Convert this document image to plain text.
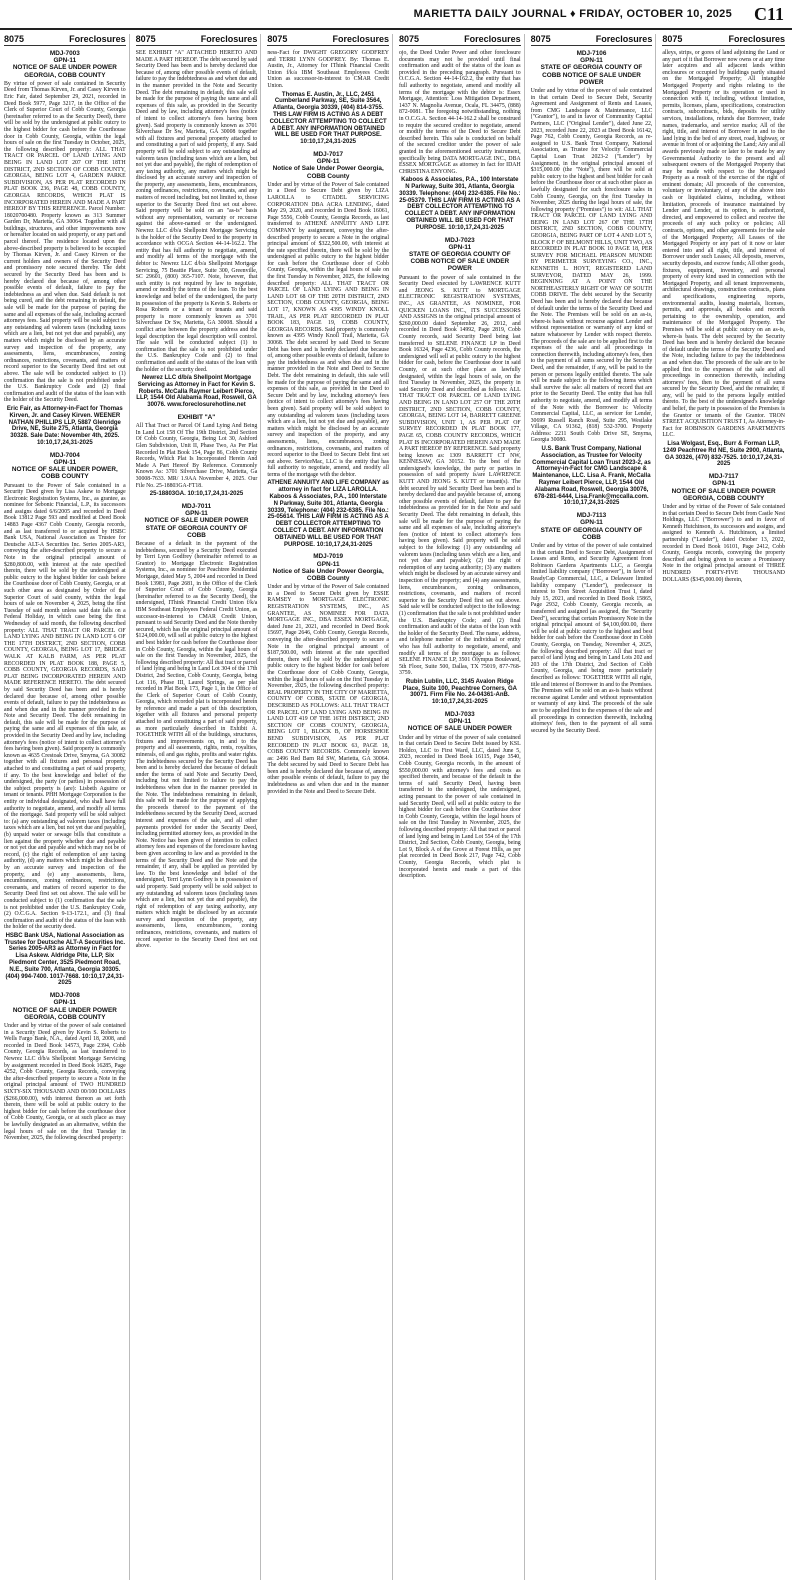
MARIETTA DAILY JOURNAL ♦ FRIDAY, OCTOBER 10, 2025 C11
8075	Foreclosures
MDJ-7003
GPN-11
NOTICE OF SALE UNDER POWER GEORGIA, COBB COUNTY
By virtue of power of sale contained in Security Deed from Thomas Kirven, Jr. and Casey Kirven to Eric Fair, dated September 29, 2021, recorded in Deed Book 5977, Page 3217, in the Office of the Clerk of Superior Court of Cobb County, Georgia (hereinafter referred to as the Security Deed), there will be sold by the undersigned at public outcry to the highest bidder for cash before the Courthouse door in Cobb County, Georgia, within the legal hours of sale on the first Tuesday in October, 2025, the following described property: ALL THAT TRACT OR PARCEL OF LAND LYING AND BEING IN LAND LOT 207 OF THE 18TH DISTRICT, 2ND SECTION OF COBB COUNTY, GEORGIA, BEING LOT 4, GARDEN PARKE SUBDIVISION, AS PER PLAT RECORDED IN PLAT BOOK 236, PAGE 48, COBB COUNTY, GEORGIA RECORDS, WHICH PLAT IS INCORPORATED HEREIN AND MADE A PART HEREOF BY THIS REFERENCE. Parcel Number: 18020700480. Property known as 313 Summer Garden Dr, Marietta, GA 30064. Together with all buildings, structures, and other improvements now or hereafter located on said property, or any part and parcel thereof. The residence located upon the above-described property is believed to be occupied by Thomas Kirven, Jr. and Casey Kirven or the current holders and owners of the Security Deed and promissory note secured thereby. The debt secured by the Security Deed has been and is hereby declared due because of, among other possible events of default, failure to pay the indebtedness as and when due. Said default is not being cured, and the debt remaining in default, the sale will be made for the purpose of paying the same and all expenses of the sale, including accrued attorneys fees. Said property will be sold subject to any outstanding ad valorem taxes (including taxes which are a lien, but not yet due and payable), any matters which might be disclosed by an accurate survey and inspection of the property, any assessments, liens, encumbrances, zoning ordinances, restrictions, covenants, and matters of record superior to the Security Deed first set out above. The sale will be conducted subject to (1) confirmation that the sale is not prohibited under the U.S. Bankruptcy Code and (2) final confirmation and audit of the status of the loan with the holder of the Security Deed.
Eric Fair, as Attorney-in-Fact for Thomas Kirven, Jr. and Casey Kirven. WEENER NATHAN PHILLIPS LLP, 5887 Glenridge Drive, NE, Suite 275, Atlanta, Georgia 30328. Sale Date: November 4th, 2025. 10:10,17,24,31-2025
MDJ-7004
GPN-11
NOTICE OF SALE UNDER POWER, COBB COUNTY
Pursuant to the Power of Sale contained in a Security Deed given by Lisa Askew to Mortgage Electronic Registration Systems, Inc., as grantee, as nominee for Sebonic Financial, L.P., its successors and assigns dated 6/6/2005 and recorded in Deed Book 13812 Page 593 and modified at Deed Book 14883 Page 4367 Cobb County, Georgia records, and as last transferred to or acquired by HSBC Bank USA, National Association as Trustee for Deutsche ALT-A Securities Inc. Series 2005-AR3, conveying the after-described property to secure a Note in the original principal amount of $280,800.00, with interest at the rate specified therein, there will be sold by the undersigned at public outcry to the highest bidder for cash before the Courthouse door of Cobb County, Georgia, or at such other area as designated by Order of the Superior Court of said county, within the legal hours of sale on November 4, 2025, being the first Tuesday of said month unless said date falls on a Federal Holiday, in which case being the first Wednesday of said month, the following described property: ALL THAT TRACT OR PARCEL OF LAND LYING AND BEING IN LAND LOT 6 OF THE 17TH DISTRICT, 2ND SECTION, COBB COUNTY, GEORGIA, BEING LOT 17, BRIDGE WALK AT KALB FARM, AS PER PLAT RECORDED IN PLAT BOOK 188, PAGE 5, COBB COUNTY, GEORGIA RECORDS, SAID PLAT BEING INCORPORATED HEREIN AND MADE REFERENCE HERETO. The debt secured by said Security Deed has been and is hereby declared due because of, among other possible events of default, failure to pay the indebtedness as and when due and in the manner provided in the Note and Security Deed. The debt remaining in default, this sale will be made for the purpose of paying the same and all expenses of this sale, as provided in the Security Deed and by law, including attorney's fees (notice of intent to collect attorney's fees having been given). Said property is commonly known as 4635 Crestoak Drive, Smyrna, GA 30082 together with all fixtures and personal property attached to and constituting a part of said property, if any. To the best knowledge and belief of the undersigned, the party (or parties) in possession of the subject property is (are): Lisbeth Aguirre or tenant or tenants. PHH Mortgage Corporation is the entity or individual designated, who shall have full authority to negotiate, amend, and modify all terms of the mortgage. Said property will be sold subject to: (a) any outstanding ad valorem taxes (including taxes which are a lien, but not yet due and payable), (b) unpaid water or sewage bills that constitute a lien against the property whether due and payable or not yet due and payable and which may not be of record, (c) the right of redemption of any taxing authority, (d) any matters which might be disclosed by an accurate survey and inspection of the property, and (e) any assessments, liens, encumbrances, zoning ordinances, restrictions, covenants, and matters of record superior to the Security Deed first set out above. The sale will be conducted subject to (1) confirmation that the sale is not prohibited under the U.S. Bankruptcy Code, (2) O.C.G.A. Section 9-13-172.1, and (3) final confirmation and audit of the status of the loan with the holder of the security deed.
HSBC Bank USA, National Association as Trustee for Deutsche ALT-A Securities Inc. Series 2005-AR3 as Attorney in Fact for Lisa Askew. Aldridge Pite, LLP, Six Piedmont Center, 3525 Piedmont Road, N.E., Suite 700, Atlanta, Georgia 30305. (404) 994-7400. 1017-7668. 10:10,17,24,31-2025
MDJ-7008
GPN-11
NOTICE OF SALE UNDER POWER GEORGIA, COBB COUNTY
Under and by virtue of the power of sale contained in a Security Deed given by Kevin S. Roberts to Wells Fargo Bank, N.A., dated April 18, 2008, and recorded in Deed Book 14573, Page 2394, Cobb County, Georgia Records, as last transferred to Newrez LLC d/b/a Shellpoint Mortgage Servicing by assignment recorded in Deed Book 16285, Page 4252, Cobb County, Georgia Records, conveying the after-described property to secure a Note in the original principal amount of TWO HUNDRED SIXTY-SIX THOUSAND AND 00/100 DOLLARS ($266,000.00), with interest thereon as set forth therein, there will be sold at public outcry to the highest bidder for cash before the courthouse door of Cobb County, Georgia, or at such place as may be lawfully designated as an alternative, within the legal hours of sale on the first Tuesday in November, 2025, the following described property:
8075	Foreclosures
SEE EXHIBIT "A" ATTACHED HERETO AND MADE A PART HEREOF. The debt secured by said Security Deed has been and is hereby declared due because of, among other possible events of default, failure to pay the indebtedness as and when due and in the manner provided in the Note and Security Deed. The debt remaining in default, this sale will be made for the purpose of paying the same and all expenses of this sale, as provided in the Security Deed and by law, including attorney's fees (notice of intent to collect attorney's fees having been given). Said property is commonly known as 3701 Silverchase Dr Sw, Marietta, GA 30008 together with all fixtures and personal property attached to and constituting a part of said property, if any. Said property will be sold subject to any outstanding ad valorem taxes (including taxes which are a lien, but not yet due and payable), the right of redemption of any taxing authority, any matters which might be disclosed by an accurate survey and inspection of the property, any assessments, liens, encumbrances, zoning ordinances, restrictions, covenants, and any matters of record including, but not limited to, those superior to the Security Deed first set out above. Said property will be sold on an "as-is" basis without any representation, warranty or recourse against the above-named or the undersigned. Newrez LLC d/b/a Shellpoint Mortgage Servicing is the holder of the Security Deed to the property in accordance with OCGA Section 44-14-162.2. The entity that has full authority to negotiate, amend, and modify all terms of the mortgage with the debtor is: Newrez LLC d/b/a Shellpoint Mortgage Servicing, 75 Beattie Place, Suite 300, Greenville, SC 29601, (800) 365-7107. Note, however, that such entity is not required by law to negotiate, amend or modify the terms of the loan. To the best knowledge and belief of the undersigned, the party in possession of the property is Kevin S. Roberts or Rosa Roberts or a tenant or tenants and said property is more commonly known as 3701 Silverchase Dr Sw, Marietta, GA 30008. Should a conflict arise between the property address and the legal description the legal description will control. The sale will be conducted subject (1) to confirmation that the sale is not prohibited under the U.S. Bankruptcy Code and (2) to final confirmation and audit of the status of the loan with the holder of the security deed.
Newrez LLC d/b/a Shellpoint Mortgage Servicing as Attorney in Fact for Kevin S. Roberts. McCalla Raymer Leibert Pierce, LLP, 1544 Old Alabama Road, Roswell, GA 30076. www.foreclosurehotline.net
EXHIBIT "A"
All That Tract or Parcel Of Land Lying And Being In Land Lot 158 Of The 19th District, 2nd Section Of Cobb County, Georgia, Being Lot 30, Ashford Glen Subdivision, Unit II, Phase Two, As Per Plat Recorded In Plat Book 154, Page 86, Cobb County Records, Which Plat Is Incorporated Herein And Made A Part Hereof By Reference. Commonly Known As: 3701 Silverchase Drive, Marietta, Ga 30008-7633. MR/ 1.9AA November 4, 2025. Our File No. 25-18803GA-FT18.
25-18803GA. 10:10,17,24,31-2025
MDJ-7011
GPN-11
NOTICE OF SALE UNDER POWER STATE OF GEORGIA COUNTY OF COBB
Because of a default in the payment of the indebtedness, secured by a Security Deed executed by Terri Lynn Godfrey (hereinafter referred to as Grantor) to Mortgage Electronic Registration Systems, Inc., as nominee for Peachtree Residential Mortgage, dated May 5, 2004 and recorded in Deed Book 13981, Page 2681, in the Office of the Clerk of Superior Court of Cobb County, Georgia (hereinafter referred to as the Security Deed), the undersigned, IThink Financial Credit Union f/k/a IBM Southeast Employees Federal Credit Union, as successor-in-interest to CMAR Credit Union, pursuant to said Security Deed and the Note thereby secured, which has the original principal amount of $124,000.00, will sell at public outcry to the highest and best bidder for cash before the Courthouse door in Cobb County, Georgia, within the legal hours of sale on the first Tuesday in November, 2025, the following described property: All that tract or parcel of land lying and being in Land Lot 304 of the 17th District, 2nd Section, Cobb County, Georgia, being Lot 116, Phase III, Laurel Springs, as per plat recorded in Plat Book 173, Page 1, in the Office of the Clerk of Superior Court of Cobb County, Georgia, which recorded plat is incorporated herein by reference and made a part of this description, together with all fixtures and personal property attached to and constituting a part of said property, as more particularly described in Exhibit A. TOGETHER WITH all of the buildings, structures, fixtures and improvements on, in and to the property and all easements, rights, rents, royalties, minerals, oil and gas rights, profits and water rights. The indebtedness secured by the Security Deed has been and is hereby declared due because of default under the terms of said Note and Security Deed, including but not limited to failure to pay the indebtedness when due in the manner provided in the Note. The indebtedness remaining in default, this sale will be made for the purpose of applying the proceeds thereof to the payment of the indebtedness secured by the Security Deed, accrued interest and expenses of the sale, and all other payments provided for under the Security Deed, including permitted attorney fees, as provided in the Note. Notice has been given of intention to collect attorney fees and expenses of the foreclosure having been given according to law and as provided in the terms of the Security Deed and the Note and the remainder, if any, shall be applied as provided by law. To the best knowledge and belief of the undersigned, Terri Lynn Godfrey is in possession of said property. Said property will be sold subject to any outstanding ad valorem taxes (including taxes which are a lien, but not yet due and payable), the right of redemption of any taxing authority, any matters which might be disclosed by an accurate survey and inspection of the property, any assessments, liens, encumbrances, zoning ordinances, restrictions, covenants, and matters of record superior to the Security Deed first set out above.
8075	Foreclosures
ness-Fact for DWIGHT GREGORY GODFREY and TERRI LYNN GODFREY. By: Thomas E. Austin, Jr., Attorney for IThink Financial Credit Union f/k/a IBM Southeast Employees Credit Union as successor-in-interest to CMAR Credit Union.
Thomas E. Austin, Jr., LLC, 2451 Cumberland Parkway, SE, Suite 3564, Atlanta, Georgia 30339, (404) 814-3755. THIS LAW FIRM IS ACTING AS A DEBT COLLECTOR ATTEMPTING TO COLLECT A DEBT. ANY INFORMATION OBTAINED WILL BE USED FOR THAT PURPOSE. 10:10,17,24,31-2025
MDJ-7017
GPN-11
Notice of Sale Under Power Georgia, COBB County
Under and by virtue of the Power of Sale contained in a Deed to Secure Debt given by LIZA LAROLLA to CITADEL SERVICING CORPORATION DBA ACRA LENDING, dated May 29, 2020, and recorded in Deed Book 16061, Page 5556, Cobb County, Georgia Records, as last transferred to ATHENE ANNUITY AND LIFE COMPANY by assignment, conveying the after-described property to secure a Note in the original principal amount of $322,500.00, with interest at the rate specified therein, there will be sold by the undersigned at public outcry to the highest bidder for cash before the Courthouse door of Cobb County, Georgia, within the legal hours of sale on the first Tuesday in November, 2025, the following described property: ALL THAT TRACT OR PARCEL OF LAND LYING AND BEING IN LAND LOT 68 OF THE 20TH DISTRICT, 2ND SECTION, COBB COUNTY, GEORGIA, BEING LOT 17, KNOWN AS 4395 WINDY KNOLL TRAIL, AS PER PLAT RECORDED IN PLAT BOOK 183, PAGE 19, COBB COUNTY, GEORGIA RECORDS. Said property is commonly known as 4395 Windy Knoll Trail, Marietta, GA 30068. The debt secured by said Deed to Secure Debt has been and is hereby declared due because of, among other possible events of default, failure to pay the indebtedness as and when due and in the manner provided in the Note and Deed to Secure Debt. The debt remaining in default, this sale will be made for the purpose of paying the same and all expenses of this sale, as provided in the Deed to Secure Debt and by law, including attorney's fees (notice of intent to collect attorney's fees having been given). Said property will be sold subject to any outstanding ad valorem taxes (including taxes which are a lien, but not yet due and payable), any matters which might be disclosed by an accurate survey and inspection of the property, and any assessments, liens, encumbrances, zoning ordinances, restrictions, covenants, and matters of record superior to the Deed to Secure Debt first set out above. ServiceMac, LLC is the entity that has full authority to negotiate, amend, and modify all terms of the mortgage with the debtor.
ATHENE ANNUITY AND LIFE COMPANY as attorney in fact for LIZA LAROLLA. Kaboos & Associates, P.A., 100 Interstate N Parkway, Suite 301, Atlanta, Georgia 30339, Telephone: (404) 232-6385. File No.: 25-05614. THIS LAW FIRM IS ACTING AS A DEBT COLLECTOR ATTEMPTING TO COLLECT A DEBT. ANY INFORMATION OBTAINED WILL BE USED FOR THAT PURPOSE. 10:10,17,24,31-2025
MDJ-7019
GPN-11
Notice of Sale Under Power Georgia, COBB County
Under and by virtue of the Power of Sale contained in a Deed to Secure Debt given by ESSIE RAMSEY to MORTGAGE ELECTRONIC REGISTRATION SYSTEMS, INC., AS GRANTEE, AS NOMINEE FOR DATA MORTGAGE INC., DBA ESSEX MORTGAGE, dated June 21, 2021, and recorded in Deed Book 15697, Page 2646, Cobb County, Georgia Records, conveying the after-described property to secure a Note in the original principal amount of $187,500.00, with interest at the rate specified therein, there will be sold by the undersigned at public outcry to the highest bidder for cash before the Courthouse door of Cobb County, Georgia, within the legal hours of sale on the first Tuesday in November, 2025, the following described property: REAL PROPERTY IN THE CITY OF MARIETTA, COUNTY OF COBB, STATE OF GEORGIA, DESCRIBED AS FOLLOWS: ALL THAT TRACT OR PARCEL OF LAND LYING AND BEING IN LAND LOT 419 OF THE 16TH DISTRICT, 2ND SECTION OF COBB COUNTY, GEORGIA, BEING LOT 1, BLOCK B, OF HORSESHOE BEND SUBDIVISION, AS PER PLAT RECORDED IN PLAT BOOK 63, PAGE 18, COBB COUNTY RECORDS. Commonly known as: 2496 Red Barn Rd SW, Marietta, GA 30064. The debt secured by said Deed to Secure Debt has been and is hereby declared due because of, among other possible events of default, failure to pay the indebtedness as and when due and in the manner provided in the Note and Deed to Secure Debt.
8075	Foreclosures
ojo, the Deed Under Power and other foreclosure documents may not be provided until final confirmation and audit of the status of the loan as provided in the preceding paragraph. Pursuant to O.C.G.A. Section 44-14-162.2, the entity that has full authority to negotiate, amend and modify all terms of the mortgage with the debtor is: Essex Mortgage, Attention: Loss Mitigation Department, 1437 N. Magnolia Avenue, Ocala, FL 34475, (888) 872-0081. The foregoing notwithstanding, nothing in O.C.G.A. Section 44-14-162.2 shall be construed to require the secured creditor to negotiate, amend or modify the terms of the Deed to Secure Debt described herein. This sale is conducted on behalf of the secured creditor under the power of sale granted in the aforementioned security instrument, specifically being DATA MORTGAGE INC., DBA ESSEX MORTGAGE as attorney in fact for IDAH CHRISTINA ENYONG.
Kaboos & Associates, P.A., 100 Interstate N Parkway, Suite 301, Atlanta, Georgia 30339. Telephone: (404) 232-6385. File No.: 25-05379. THIS LAW FIRM IS ACTING AS A DEBT COLLECTOR ATTEMPTING TO COLLECT A DEBT. ANY INFORMATION OBTAINED WILL BE USED FOR THAT PURPOSE. 10:10,17,24,31-2025
MDJ-7023
GPN-11
STATE OF GEORGIA COUNTY OF COBB NOTICE OF SALE UNDER POWER
Pursuant to the power of sale contained in the Security Deed executed by LAWRENCE KUTT and JEONG S. KUTT to MORTGAGE ELECTRONIC REGISTRATION SYSTEMS, INC., AS GRANTEE, AS NOMINEE, FOR QUICKEN LOANS INC., ITS SUCCESSORS AND ASSIGNS in the original principal amount of $260,000.00 dated September 26, 2012, and recorded in Deed Book 14992, Page 2819, Cobb County records, said Security Deed being last transferred to SELENE FINANCE LP in Deed Book 16324, Page 4236, Cobb County records, the undersigned will sell at public outcry to the highest bidder for cash, before the Courthouse door in said County, or at such other place as lawfully designated, within the legal hours of sale, on the first Tuesday in November, 2025, the property in said Security Deed and described as follows: ALL THAT TRACT OR PARCEL OF LAND LYING AND BEING IN LAND LOT 257 OF THE 20TH DISTRICT, 2ND SECTION, COBB COUNTY, GEORGIA, BEING LOT 14, BARRETT GREENE SUBDIVISION, UNIT 1, AS PER PLAT OF SURVEY RECORDED IN PLAT BOOK 177, PAGE 65, COBB COUNTY RECORDS, WHICH PLAT IS INCORPORATED HEREIN AND MADE A PART HEREOF BY REFERENCE. Said property being known as: 1309 BARRETT CT NW, KENNESAW, GA 30152. To the best of the undersigned's knowledge, the party or parties in possession of said property is/are LAWRENCE KUTT AND JEONG S. KUTT or tenant(s). The debt secured by said Security Deed has been and is hereby declared due and payable because of, among other possible events of default, failure to pay the indebtedness as provided for in the Note and said Security Deed. The debt remaining in default, this sale will be made for the purpose of paying the same and all expenses of sale, including attorney's fees (notice of intent to collect attorney's fees having been given). Said property will be sold subject to the following: (1) any outstanding ad valorem taxes (including taxes which are a lien, and not yet due and payable); (2) the right of redemption of any taxing authority; (3) any matters which might be disclosed by an accurate survey and inspection of the property; and (4) any assessments, liens, encumbrances, zoning ordinances, restrictions, covenants, and matters of record superior to the Security Deed first set out above. Said sale will be conducted subject to the following: (1) confirmation that the sale is not prohibited under the U.S. Bankruptcy Code; and (2) final confirmation and audit of the status of the loan with the holder of the Security Deed. The name, address, and telephone number of the individual or entity who has full authority to negotiate, amend, and modify all terms of the mortgage is as follows: SELENE FINANCE LP, 3501 Olympus Boulevard, 5th Floor, Suite 500, Dallas, TX 75019, 877-768-3759.
Rubin Lublin, LLC, 3145 Avalon Ridge Place, Suite 100, Peachtree Corners, GA 30071. Firm File No. 24-04361-AnB. 10:10,17,24,31-2025
MDJ-7033
GPN-11
NOTICE OF SALE UNDER POWER
Under and by virtue of the power of sale contained in that certain Deed to Secure Debt issued by KSL Holdco, LLC to First Ward, LLC, dated June 5, 2023, recorded in Deed Book 16115, Page 3540, Cobb County, Georgia records, in the amount of $550,000.00 with attorney's fees and costs as specified therein, and because of the default in the terms of said Security Deed, having been transferred to the undersigned, the undersigned, acting pursuant to the power of sale contained in said Security Deed, will sell at public outcry to the highest bidder for cash before the Courthouse door in Cobb County, Georgia, within the legal hours of sale on the first Tuesday in November, 2025, the following described property: All that tract or parcel of land lying and being in Land Lot 554 of the 17th District, 2nd Section, Cobb County, Georgia, being Lot 9, Block A of the Grove at Forest Hills, as per plat recorded in Deed Book 217, Page 742, Cobb County, Georgia Records, which plat is incorporated herein and made a part of this description.
8075	Foreclosures
MDJ-7106
GPN-11
STATE OF GEORGIA COUNTY OF COBB NOTICE OF SALE UNDER POWER
Under and by virtue of the power of sale contained in that certain Deed to Secure Debt, Security Agreement and Assignment of Rents and Leases, from CMG Landscape & Maintenance, LLC ("Grantor"), to and in favor of Community Capital Partners, LLC ("Original Lender"), dated June 22, 2023, recorded June 22, 2023 at Deed Book 16142, Page 762, Cobb County, Georgia Records, as re-assigned to U.S. Bank Trust Company, National Association, as Trustee for Velocity Commercial Capital Loan Trust 2023-2 ("Lender") by Assignment, in the original principal amount of $315,000.00 (the "Note"), there will be sold at public outcry to the highest and best bidder for cash before the Courthouse door or at such other place as lawfully designated for such foreclosure sales in Cobb County, Georgia, on the first Tuesday in November, 2025 during the legal hours of sale, the following property ("Premises") to wit: ALL THAT TRACT OR PARCEL OF LAND LYING AND BEING IN LAND LOT 267 OF THE 17TH DISTRICT, 2ND SECTION, COBB COUNTY, GEORGIA, BEING PART OF LOT 4 AND LOT 5, BLOCK F OF BELMONT HILLS, UNIT TWO, AS RECORDED IN PLAT BOOK 10 PAGE 18, PER SURVEY FOR MICHAEL PEARSON MUNDIE BY PERIMETER SURVEYING CO., INC., KENNETH L. HOYT, REGISTERED LAND SURVEYOR, DATED MAY 26, 1999. BEGINNING AT A POINT ON THE NORTHEASTERLY RIGHT OF WAY OF SOUTH COBB DRIVE. The debt secured by the Security Deed has been and is hereby declared due because of default under the terms of the Security Deed and the Note. The Premises will be sold on an as-is, where-is basis without recourse against Lender and without representation or warranty of any kind or nature whatsoever by Lender with respect thereto. The proceeds of the sale are to be applied first to the expenses of the sale and all proceedings in connection therewith, including attorney's fees, then to the payment of all sums secured by the Security Deed, and the remainder, if any, will be paid to the person or persons legally entitled thereto. The sale will be made subject to the following items which shall survive the sale: all matters of record that are prior to the Security Deed. The entity that has full authority to negotiate, amend, and modify all terms of the Note with the Borrower is: Velocity Commercial Capital, LLC, as servicer for Lender, 30699 Russell Ranch Road, Suite 295, Westlake Village, CA 91362, (818) 532-3700. Property Address: 2211 South Cobb Drive SE, Smyrna, Georgia 30080.
U.S. Bank Trust Company, National Association, as Trustee for Velocity Commercial Capital Loan Trust 2023-2, as Attorney-in-Fact for CMG Landscape & Maintenance, LLC. Lisa A. Frank, McCalla Raymer Leibert Pierce, LLP, 1544 Old Alabama Road, Roswell, Georgia 30076, 678-281-6444, Lisa.Frank@mccalla.com. 10:10,17,24,31-2025
MDJ-7113
GPN-11
STATE OF GEORGIA COUNTY OF COBB
Under and by virtue of the power of sale contained in that certain Deed to Secure Debt, Assignment of Leases and Rents, and Security Agreement from Robinson Gardens Apartments LLC, a Georgia limited liability company ("Borrower"), in favor of ReadyCap Commercial, LLC, a Delaware limited liability company ("Lender"), predecessor in interest to Tron Street Acquisition Trust I, dated July 15, 2021, and recorded in Deed Book 15865, Page 2932, Cobb County, Georgia records, as transferred and assigned (as assigned, the "Security Deed"), securing that certain Promissory Note in the original principal amount of $4,100,000.00, there will be sold at public outcry to the highest and best bidder for cash before the Courthouse door in Cobb County, Georgia, on Tuesday, November 4, 2025, the following described property: All that tract or parcel of land lying and being in Land Lots 202 and 203 of the 17th District, 2nd Section of Cobb County, Georgia, and being more particularly described as follows: TOGETHER WITH all right, title and interest of Borrower in and to the Premises. The Premises will be sold on an as-is basis without recourse against Lender and without representation or warranty of any kind. The proceeds of the sale are to be applied first to the expenses of the sale and all proceedings in connection therewith, including attorneys' fees, then to the payment of all sums secured by the Security Deed.
8075	Foreclosures
alleys, strips, or gores of land adjoining the Land or any part of it that Borrower now owns or at any time later acquires and all adjacent lands within enclosures or occupied by buildings partly situated on the Mortgaged Property; All intangible Mortgaged Property and rights relating to the Mortgaged Property or its operation or used in connection with it, including, without limitation, permits, licenses, plans, specifications, construction contracts, subcontracts, bids, deposits for utility services, installations, refunds due Borrower, trade names, trademarks, and service marks; All of the right, title, and interest of Borrower in and to the land lying in the bed of any street, road, highway, or avenue in front of or adjoining the Land; Any and all awards previously made or later to be made by any Governmental Authority to the present and all subsequent owners of the Mortgaged Property that may be made with respect to the Mortgaged Property as a result of the exercise of the right of eminent domain; All proceeds of the conversion, voluntary or involuntary, of any of the above into cash or liquidated claims, including, without limitation, proceeds of insurance maintained by Lender and Lender, at its option, is authorized, directed, and empowered to collect and receive the proceeds of any such policy or policies; All contracts, options, and other agreements for the sale of the Mortgaged Property; All Leases of the Mortgaged Property or any part of it now or later entered into and all right, title, and interest of Borrower under such Leases; All deposits, reserves, security deposits, and escrow funds; All other goods, fixtures, equipment, inventory, and personal property of every kind used in connection with the Mortgaged Property, and all tenant improvements, architectural drawings, construction contracts, plans and specifications, engineering reports, environmental audits, leasing materials, licenses, permits, and approvals, all books and records pertaining to the ownership, operation, and maintenance of the Mortgaged Property. The Premises will be sold at public outcry on an as-is, where-is basis. The debt secured by the Security Deed has been and is hereby declared due because of default under the terms of the Security Deed and the Note, including failure to pay the indebtedness as and when due. The proceeds of the sale are to be applied first to the expenses of the sale and all proceedings in connection therewith, including attorneys' fees, then to the payment of all sums secured by the Security Deed, and the remainder, if any, will be paid to the persons legally entitled thereto. To the best of the undersigned's knowledge and belief, the party in possession of the Premises is the Grantor or tenants of the Grantor. TRON STREET ACQUISITION TRUST I, As Attorney-in-Fact for ROBINSON GARDENS APARTMENTS LLC.
Lisa Wolgast, Esq., Burr & Forman LLP, 1249 Peachtree Rd NE, Suite 2900, Atlanta, GA 30326, (470) 832-7525. 10:10,17,24,31-2025
MDJ-7117
GPN-11
NOTICE OF SALE UNDER POWER GEORGIA, COBB COUNTY
Under and by virtue of the Power of Sale contained in that certain Deed to Secure Debt from Castle Nest Holdings, LLC ("Borrower") to and in favor of Kenneth Hutchinson, its successors and assigns, and assigned to Kenneth A. Hutchinson, a limited partnership ("Lender"), dated October 13, 2022, recorded in Deed Book 16101, Page 2412, Cobb County, Georgia records, conveying the property described and being given to secure a Promissory Note in the original principal amount of THREE HUNDRED FORTY-FIVE THOUSAND DOLLARS ($345,000.00) therein,
